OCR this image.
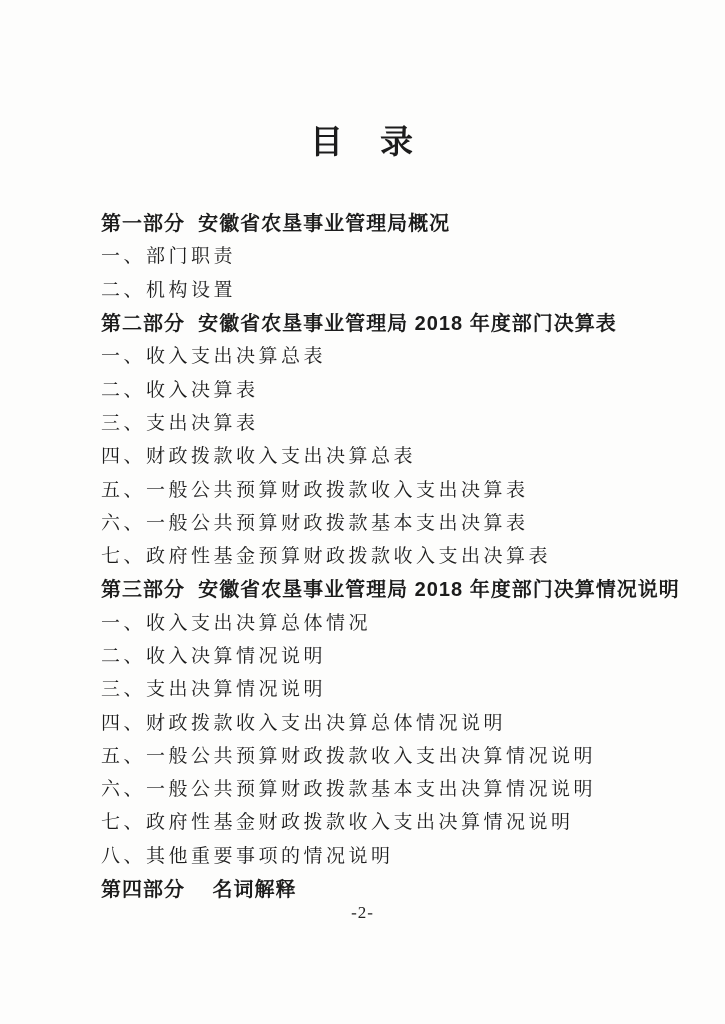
目　录
第一部分  安徽省农垦事业管理局概况
一、部门职责
二、机构设置
第二部分  安徽省农垦事业管理局 2018 年度部门决算表
一、收入支出决算总表
二、收入决算表
三、支出决算表
四、财政拨款收入支出决算总表
五、一般公共预算财政拨款收入支出决算表
六、一般公共预算财政拨款基本支出决算表
七、政府性基金预算财政拨款收入支出决算表
第三部分  安徽省农垦事业管理局 2018 年度部门决算情况说明
一、收入支出决算总体情况
二、收入决算情况说明
三、支出决算情况说明
四、财政拨款收入支出决算总体情况说明
五、一般公共预算财政拨款收入支出决算情况说明
六、一般公共预算财政拨款基本支出决算情况说明
七、政府性基金财政拨款收入支出决算情况说明
八、其他重要事项的情况说明
第四部分　 名词解释
-2-
